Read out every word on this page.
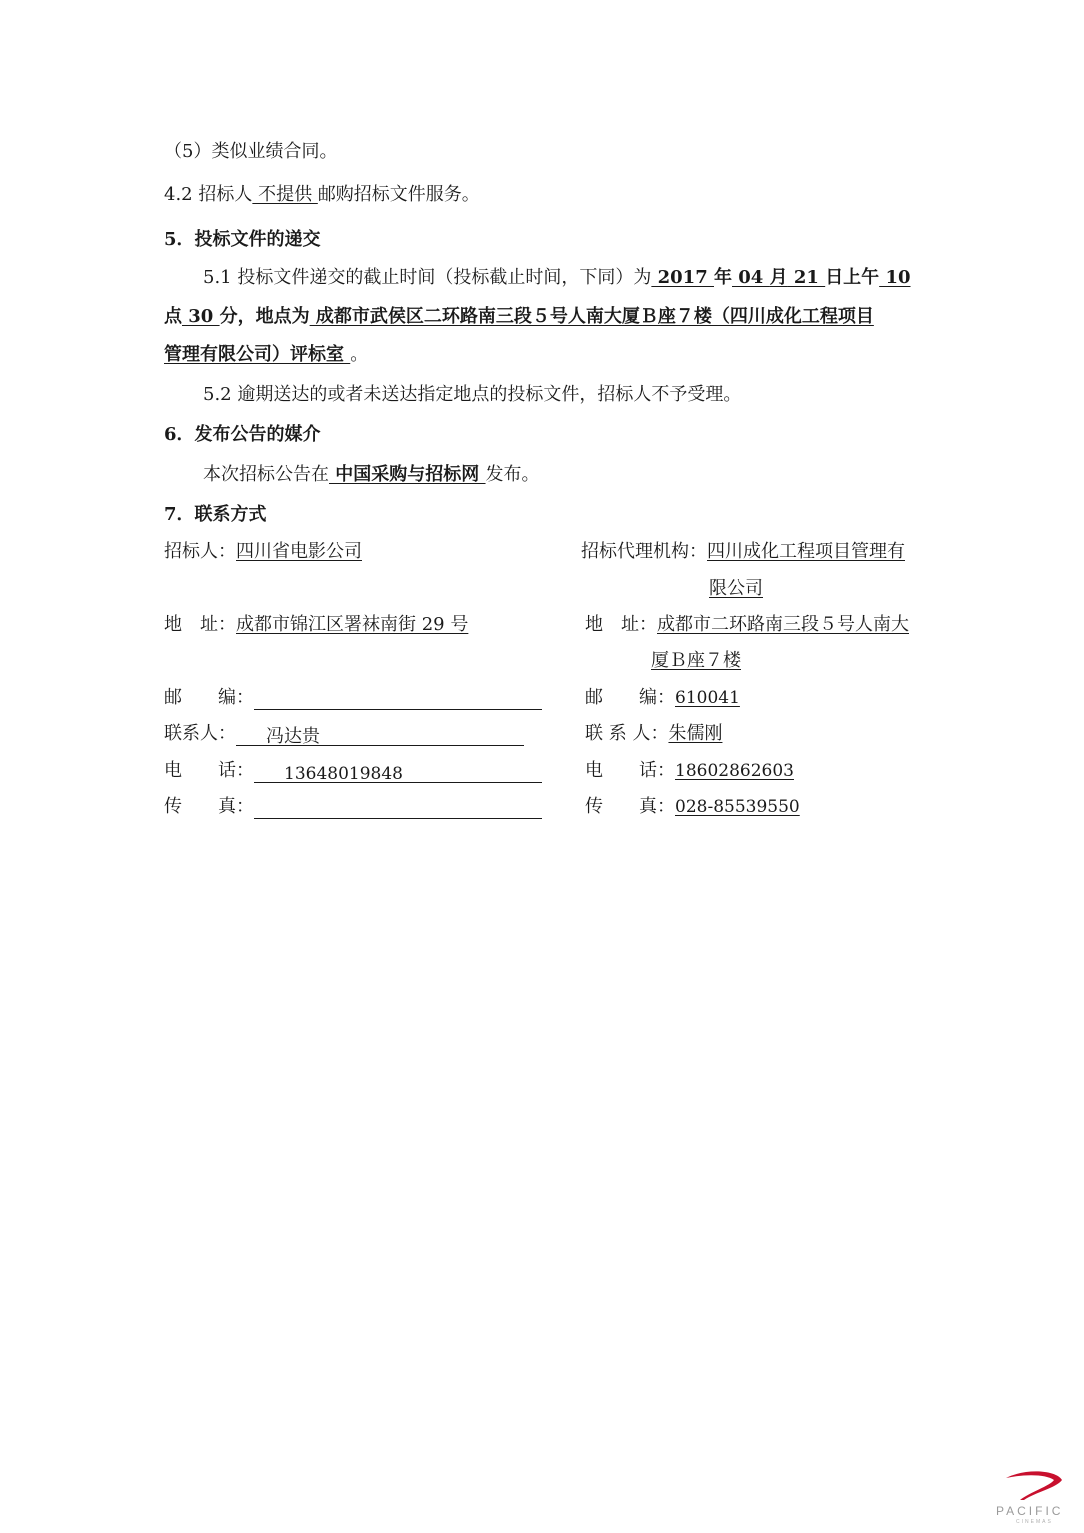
（5）类似业绩合同。
4.2 招标人 不提供 邮购招标文件服务。
5．投标文件的递交
5.1 投标文件递交的截止时间（投标截止时间，下同）为 2017 年 04 月 21 日上午 10
点 30 分，地点为 成都市武侯区二环路南三段５号人南大厦Ｂ座７楼（四川成化工程项目
管理有限公司）评标室 。
5.2 逾期送达的或者未送达指定地点的投标文件，招标人不予受理。
6．发布公告的媒介
本次招标公告在 中国采购与招标网 发布。
7．联系方式
招标人：四川省电影公司
地　址：成都市锦江区署袜南街 29 号
邮　　编：
联系人： 冯达贵
电　　话： 13648019848
传　　真：
招标代理机构：四川成化工程项目管理有
限公司
地　址：成都市二环路南三段５号人南大
厦Ｂ座７楼
邮　　编：610041
联 系 人：朱儒刚
电　　话：18602862603
传　　真：028-85539550
PACIFIC
CINEMAS
